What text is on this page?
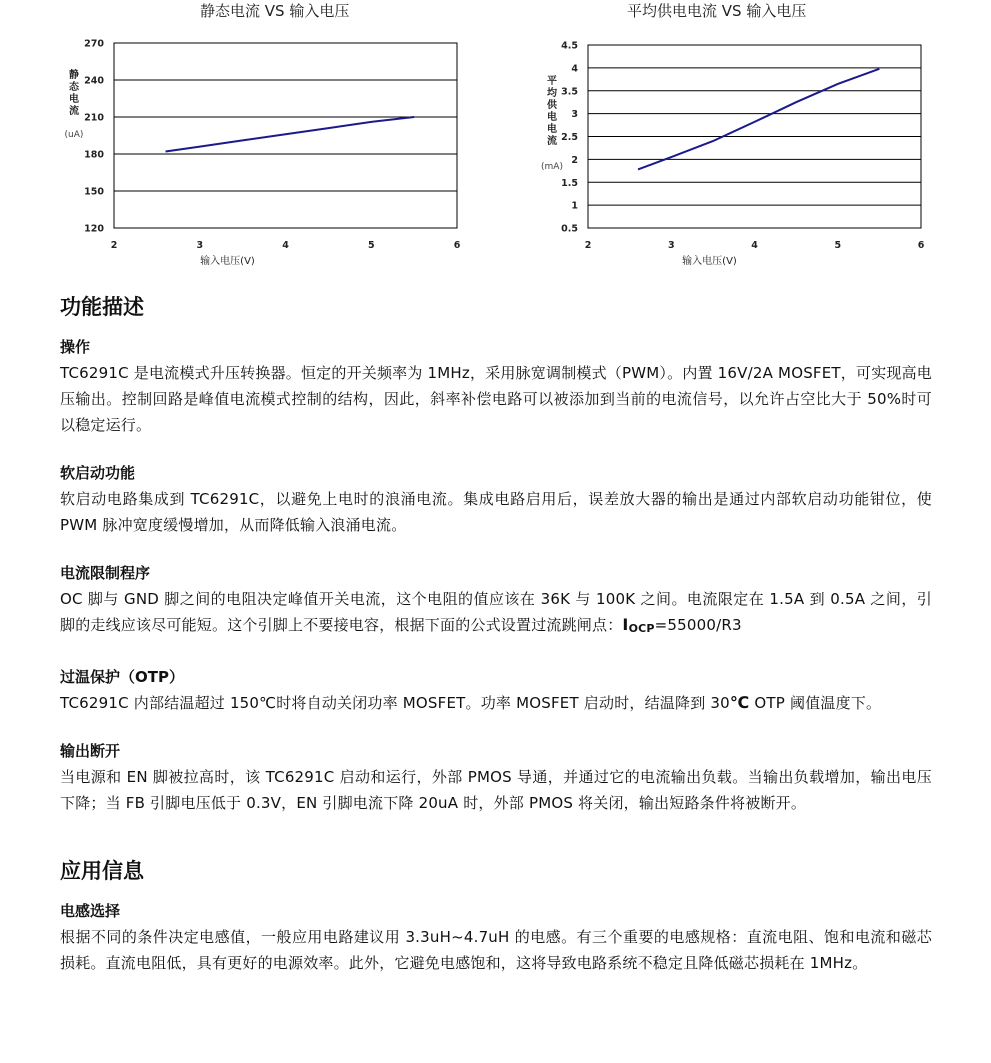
静态电流 VS 输入电压
120
150
180
210
240
270
2	3	4	5	6
输入电压(V)
静
态
电
流
(uA)
平均供电电流 VS 输入电压
0.5
1
1.5
2
2.5
3
3.5
4
4.5
2	3	4	5	6
输入电压(V)
平
均
供
电
电
流
(mA)
功能描述
操作

TC6291C 是电流模式升压转换器。恒定的开关频率为 1MHz，采用脉宽调制模式（PWM）。内置 16V/2A MOSFET，可实现高电压输出。控制回路是峰值电流模式控制的结构，因此，斜率补偿电路可以被添加到当前的电流信号，以允许占空比大于 50%时可以稳定运行。

软启动功能

软启动电路集成到 TC6291C，以避免上电时的浪涌电流。集成电路启用后，误差放大器的输出是通过内部软启动功能钳位，使 PWM 脉冲宽度缓慢增加，从而降低输入浪涌电流。

电流限制程序

OC 脚与 GND 脚之间的电阻决定峰值开关电流，这个电阻的值应该在 36K 与 100K 之间。电流限定在 1.5A 到 0.5A 之间，引脚的走线应该尽可能短。这个引脚上不要接电容，根据下面的公式设置过流跳闸点：IOCP=55000/R3

过温保护（OTP）

TC6291C 内部结温超过 150℃时将自动关闭功率 MOSFET。功率 MOSFET 启动时，结温降到 30℃ OTP 阈值温度下。

输出断开

当电源和 EN 脚被拉高时，该 TC6291C 启动和运行，外部 PMOS 导通，并通过它的电流输出负载。当输出负载增加，输出电压下降；当 FB 引脚电压低于 0.3V，EN 引脚电流下降 20uA 时，外部 PMOS 将关闭，输出短路条件将被断开。

应用信息
电感选择

根据不同的条件决定电感值，一般应用电路建议用 3.3uH~4.7uH 的电感。有三个重要的电感规格：直流电阻、饱和电流和磁芯损耗。直流电阻低，具有更好的电源效率。此外，它避免电感饱和，这将导致电路系统不稳定且降低磁芯损耗在 1MHz。
